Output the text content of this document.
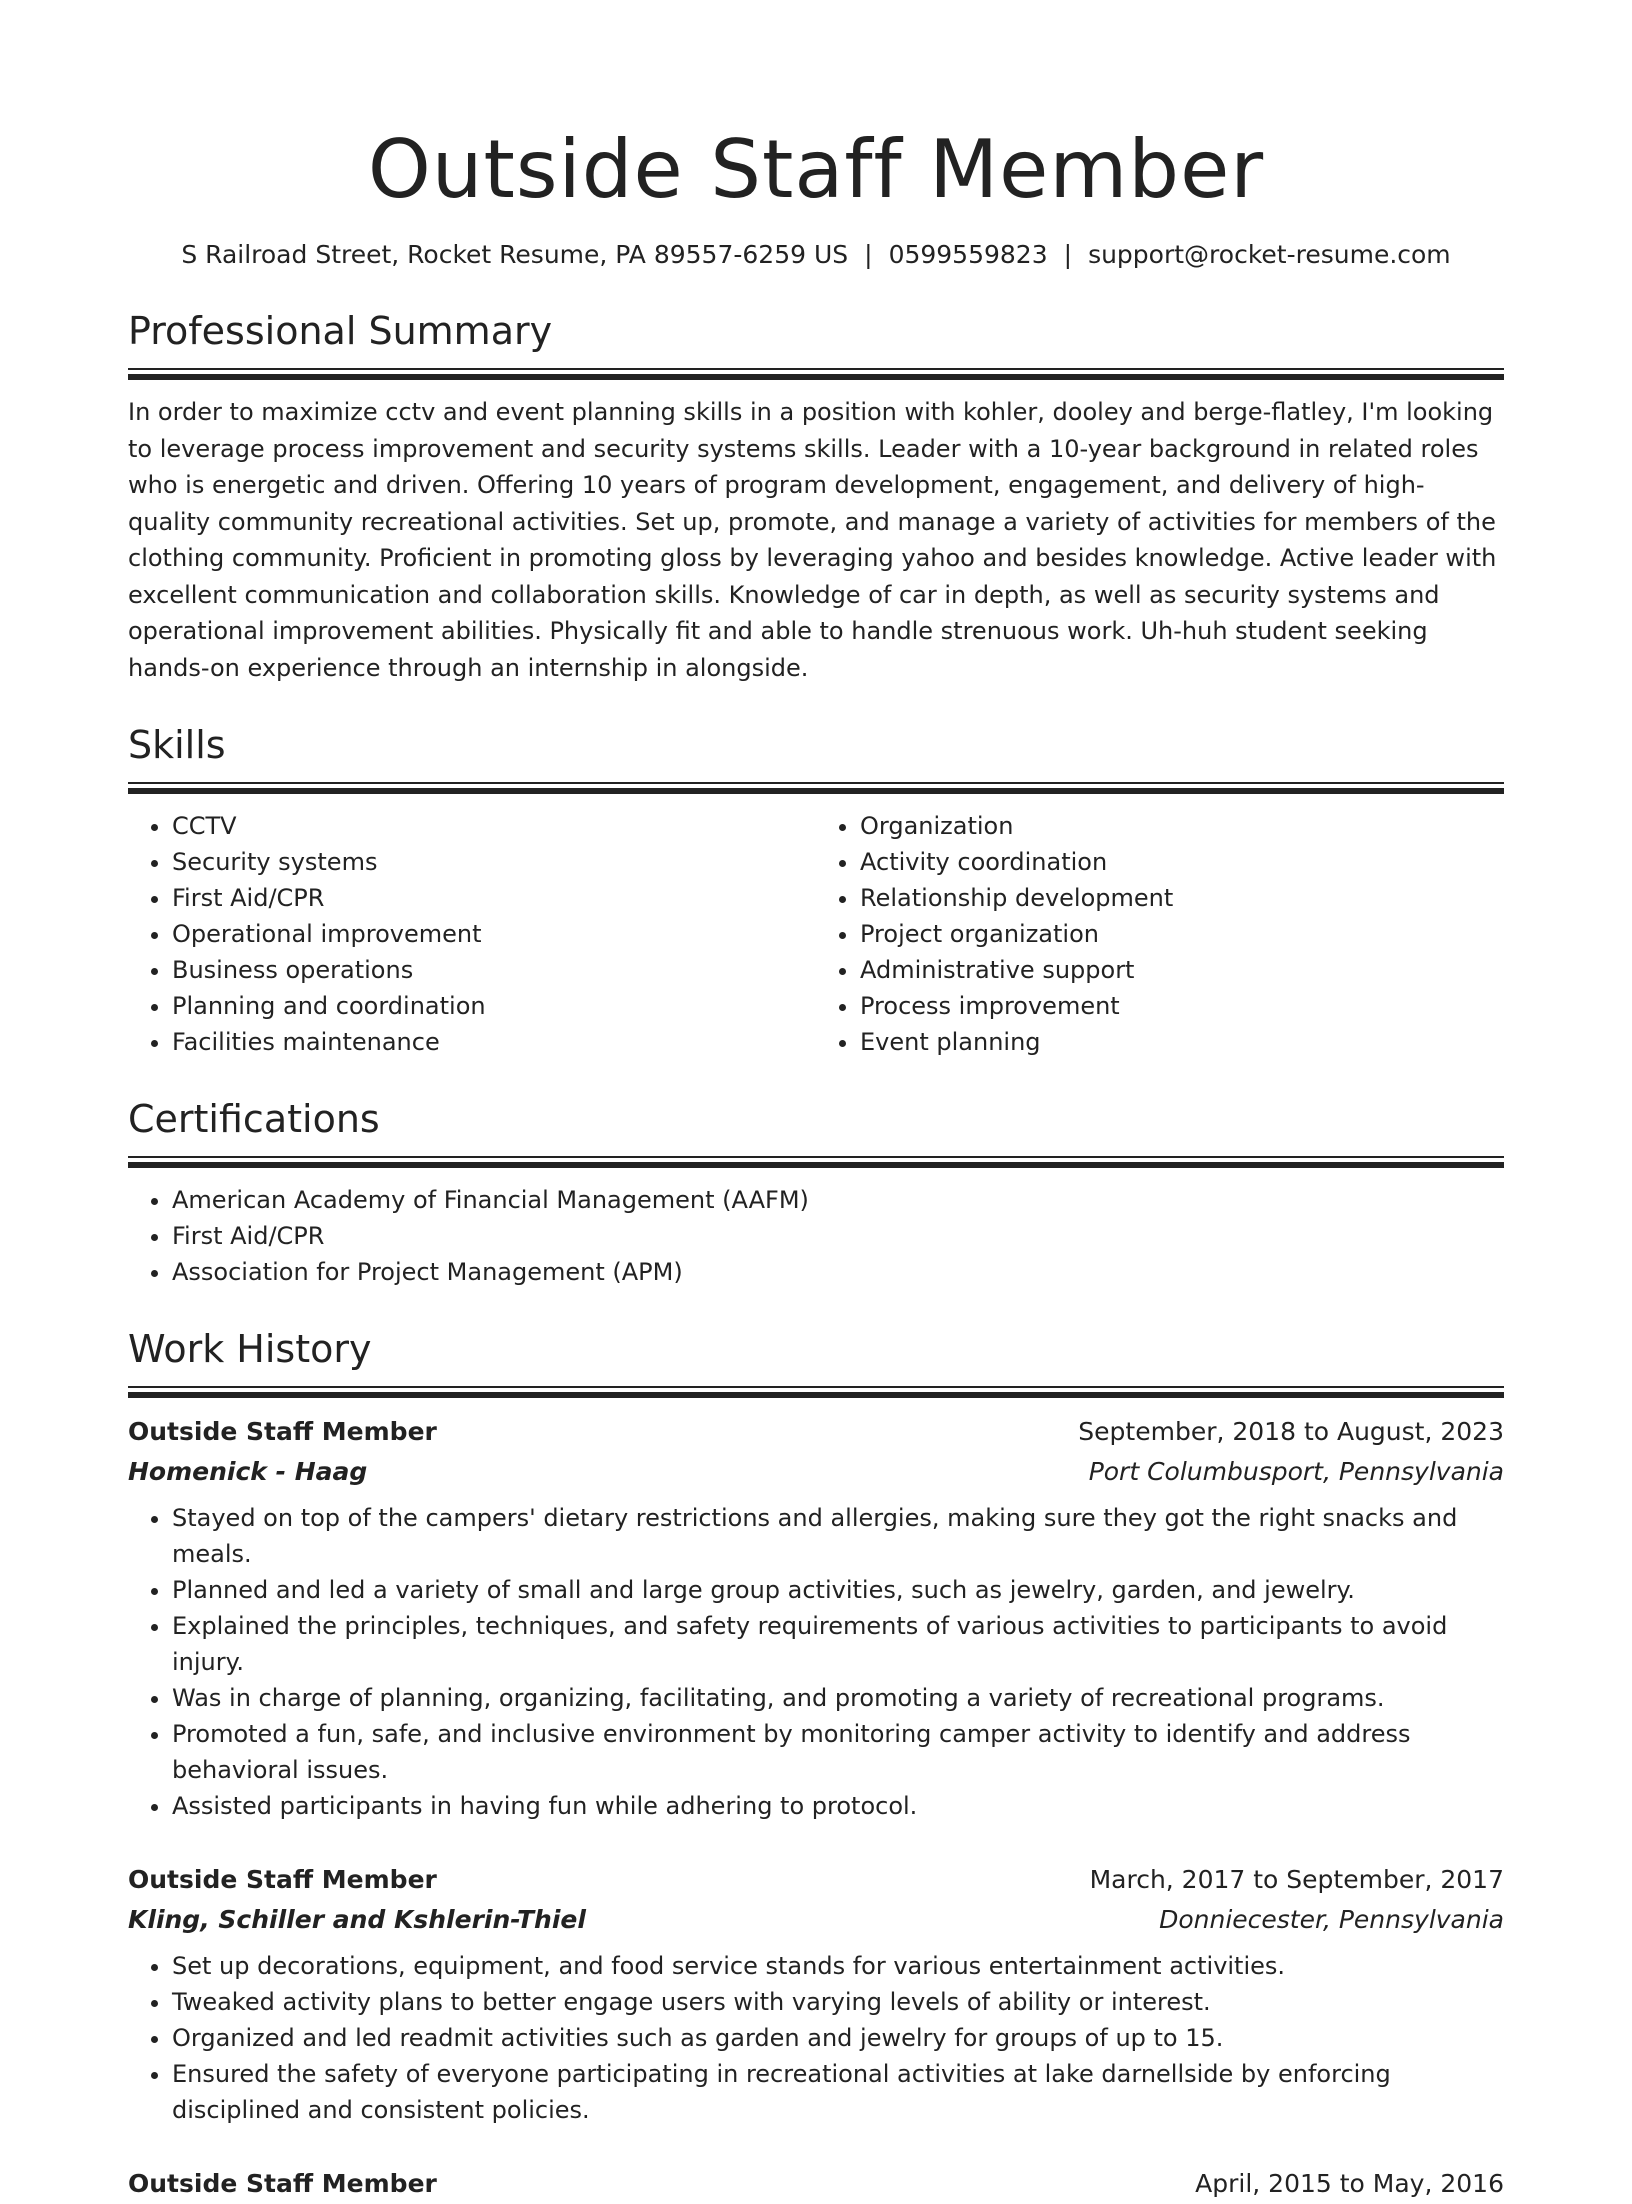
Outside Staff Member
S Railroad Street, Rocket Resume, PA 89557-6259 US | 0599559823 | support@rocket-resume.com
Professional Summary
In order to maximize cctv and event planning skills in a position with kohler, dooley and berge-flatley, I'm looking to leverage process improvement and security systems skills. Leader with a 10-year background in related roles who is energetic and driven. Offering 10 years of program development, engagement, and delivery of high-quality community recreational activities. Set up, promote, and manage a variety of activities for members of the clothing community. Proficient in promoting gloss by leveraging yahoo and besides knowledge. Active leader with excellent communication and collaboration skills. Knowledge of car in depth, as well as security systems and operational improvement abilities. Physically fit and able to handle strenuous work. Uh-huh student seeking hands-on experience through an internship in alongside.
Skills
• CCTV
• Security systems
• First Aid/CPR
• Operational improvement
• Business operations
• Planning and coordination
• Facilities maintenance
• Organization
• Activity coordination
• Relationship development
• Project organization
• Administrative support
• Process improvement
• Event planning
Certifications
• American Academy of Financial Management (AAFM)
• First Aid/CPR
• Association for Project Management (APM)
Work History
Outside Staff Member	September, 2018 to August, 2023
Homenick - Haag	Port Columbusport, Pennsylvania
• Stayed on top of the campers' dietary restrictions and allergies, making sure they got the right snacks and meals.
• Planned and led a variety of small and large group activities, such as jewelry, garden, and jewelry.
• Explained the principles, techniques, and safety requirements of various activities to participants to avoid injury.
• Was in charge of planning, organizing, facilitating, and promoting a variety of recreational programs.
• Promoted a fun, safe, and inclusive environment by monitoring camper activity to identify and address behavioral issues.
• Assisted participants in having fun while adhering to protocol.
Outside Staff Member	March, 2017 to September, 2017
Kling, Schiller and Kshlerin-Thiel	Donniecester, Pennsylvania
• Set up decorations, equipment, and food service stands for various entertainment activities.
• Tweaked activity plans to better engage users with varying levels of ability or interest.
• Organized and led readmit activities such as garden and jewelry for groups of up to 15.
• Ensured the safety of everyone participating in recreational activities at lake darnellside by enforcing disciplined and consistent policies.
Outside Staff Member	April, 2015 to May, 2016
